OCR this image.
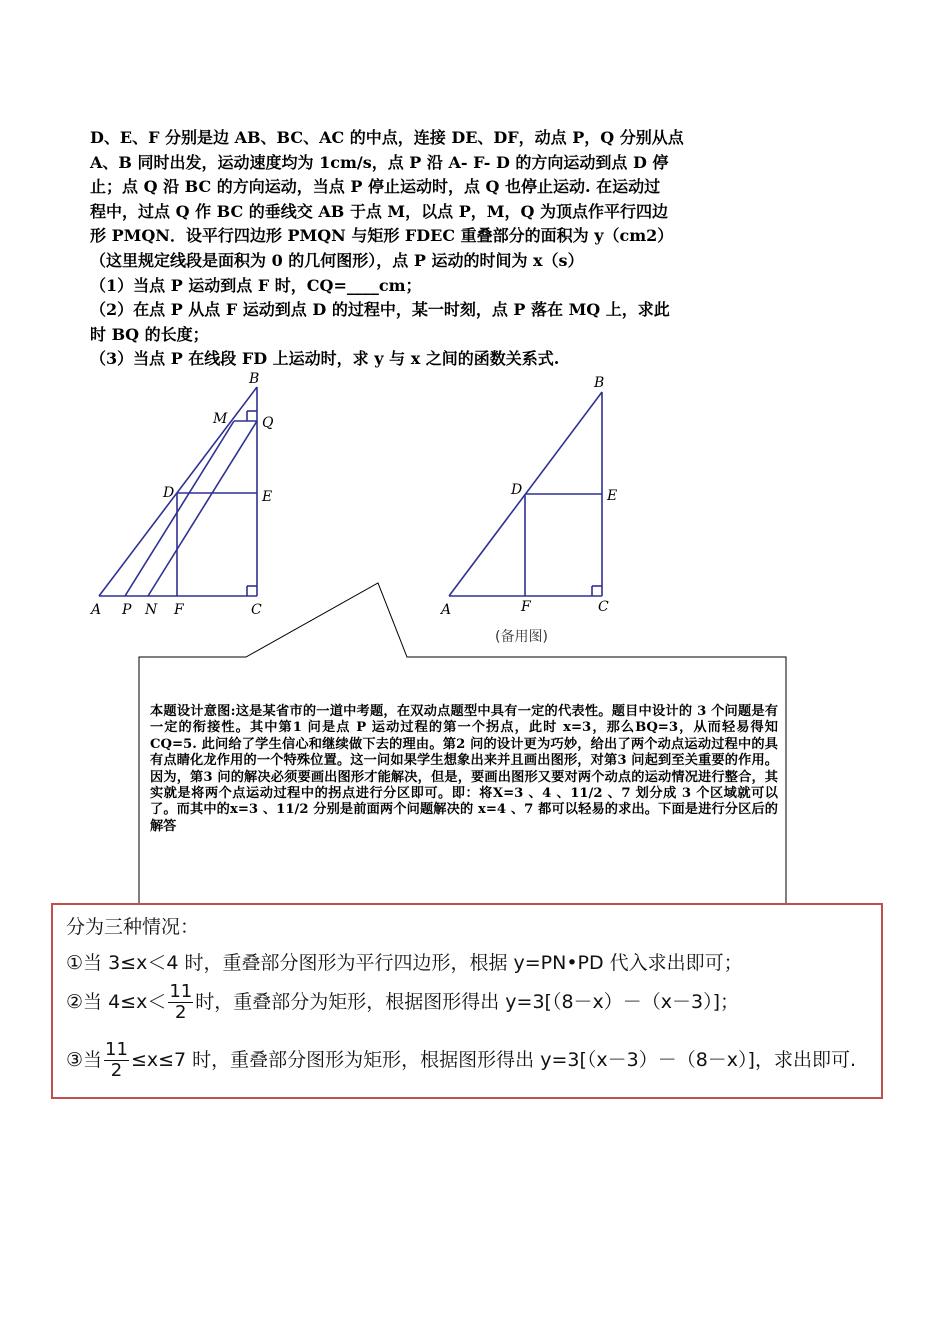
D、E、F 分别是边 AB、BC、AC 的中点，连接 DE、DF，动点 P，Q 分别从点

A、B 同时出发，运动速度均为 1cm/s，点 P 沿 A- F- D 的方向运动到点 D 停

止；点 Q 沿 BC 的方向运动，当点 P 停止运动时，点 Q 也停止运动. 在运动过

程中，过点 Q 作 BC 的垂线交 AB 于点 M，以点 P，M，Q 为顶点作平行四边

形 PMQN．设平行四边形 PMQN 与矩形 FDEC 重叠部分的面积为 y（cm2）

（这里规定线段是面积为 0 的几何图形），点 P 运动的时间为 x（s）

（1）当点 P 运动到点 F 时，CQ=____cm；

（2）在点 P 从点 F 运动到点 D 的过程中，某一时刻，点 P 落在 MQ 上，求此

时 BQ 的长度；

（3）当点 P 在线段 FD 上运动时，求 y 与 x 之间的函数关系式.

B
M Q
D	E
A P N F	C
B
D	E
A	F	C
(备用图)
本题设计意图:这是某省市的一道中考题，在双动点题型中具有一定的代表性。题目中设计的 3 个问题是有一定的衔接性。其中第1 问是点 P 运动过程的第一个拐点，此时 x=3，那么BQ=3，从而轻易得知CQ=5. 此问给了学生信心和继续做下去的理由。第2 问的设计更为巧妙，给出了两个动点运动过程中的具有点睛化龙作用的一个特殊位置。这一问如果学生想象出来并且画出图形，对第3 问起到至关重要的作用。因为，第3 问的解决必须要画出图形才能解决，但是，要画出图形又要对两个动点的运动情况进行整合，其实就是将两个点运动过程中的拐点进行分区即可。即：将X=3 、4 、11/2 、7 划分成 3 个区域就可以了。而其中的x=3 、11/2 分别是前面两个问题解决的 x=4 、7 都可以轻易的求出。下面是进行分区后的解答
分为三种情况：
①当 3≤x＜4 时，重叠部分图形为平行四边形，根据 y=PN•PD 代入求出即可；
②当 $4\le x< \frac{11}{2}$ 时，重叠部分为矩形，根据图形得出 y=3[（8－x）－（x－3）]；
③当 $\frac{11}{2} \le x\le 7$ 时，重叠部分图形为矩形，根据图形得出 y=3[（x－3）－（8－x）]，求出即可.
